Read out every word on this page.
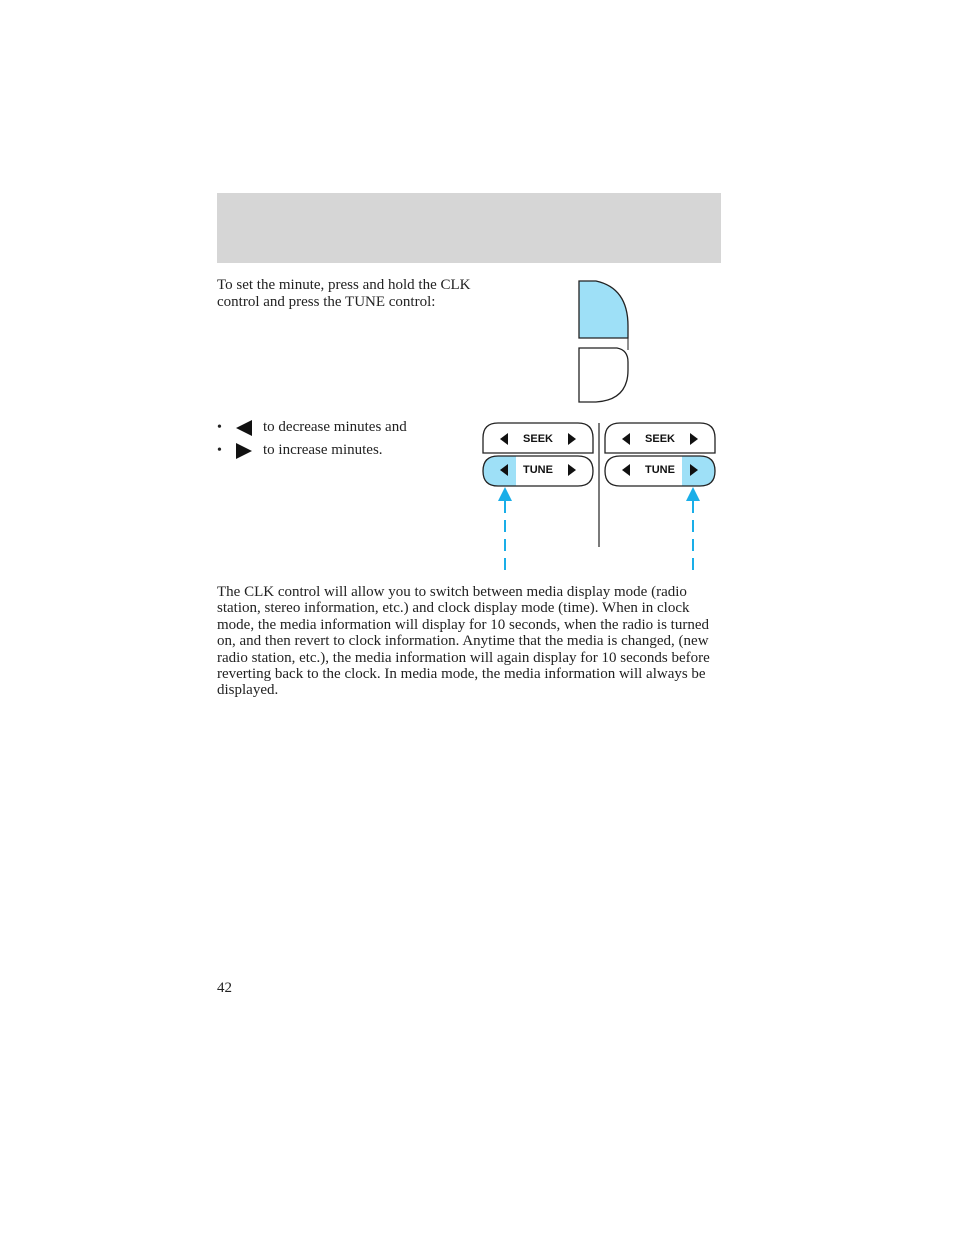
To set the minute, press and hold the CLK control and press the TUNE control:

•	to decrease minutes and
•	to increase minutes.
SEEK
TUNE
SEEK
TUNE

The CLK control will allow you to switch between media display mode (radio station, stereo information, etc.) and clock display mode (time). When in clock mode, the media information will display for 10 seconds, when the radio is turned on, and then revert to clock information. Anytime that the media is changed, (new radio station, etc.), the media information will again display for 10 seconds before reverting back to the clock. In media mode, the media information will always be displayed.

42
